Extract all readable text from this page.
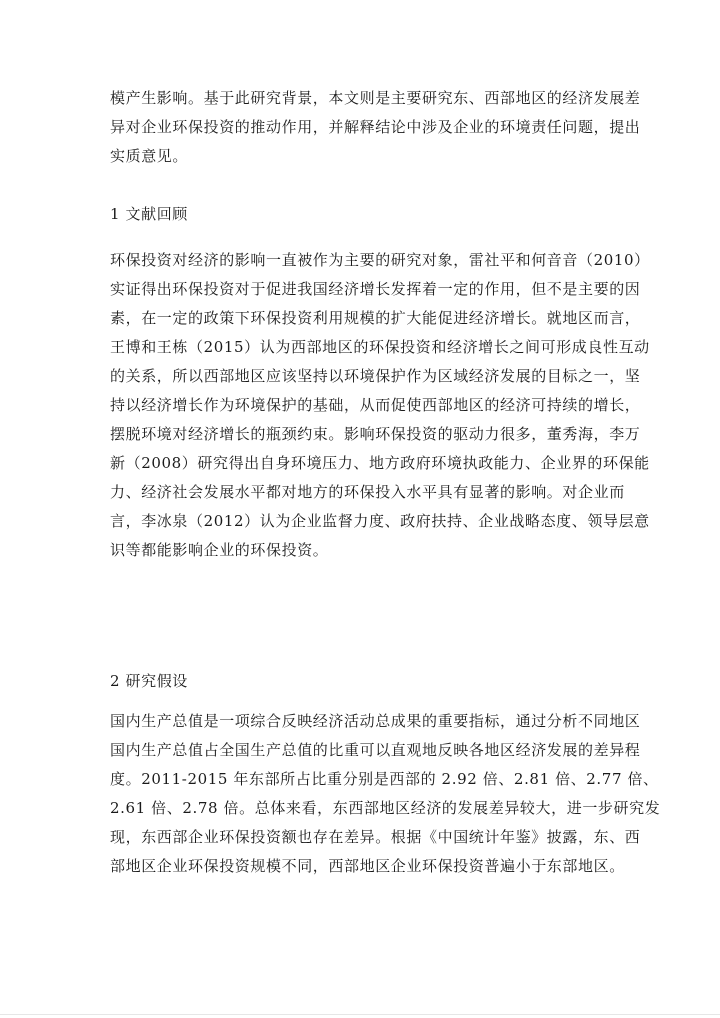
模产生影响。基于此研究背景，本文则是主要研究东、西部地区的经济发展差
异对企业环保投资的推动作用，并解释结论中涉及企业的环境责任问题，提出
实质意见。
1 文献回顾
环保投资对经济的影响一直被作为主要的研究对象，雷社平和何音音（2010）
实证得出环保投资对于促进我国经济增长发挥着一定的作用，但不是主要的因
素，在一定的政策下环保投资利用规模的扩大能促进经济增长。就地区而言，
王博和王栋（2015）认为西部地区的环保投资和经济增长之间可形成良性互动
的关系，所以西部地区应该坚持以环境保护作为区域经济发展的目标之一，坚
持以经济增长作为环境保护的基础，从而促使西部地区的经济可持续的增长，
摆脱环境对经济增长的瓶颈约束。影响环保投资的驱动力很多，董秀海，李万
新（2008）研究得出自身环境压力、地方政府环境执政能力、企业界的环保能
力、经济社会发展水平都对地方的环保投入水平具有显著的影响。对企业而
言，李冰泉（2012）认为企业监督力度、政府扶持、企业战略态度、领导层意
识等都能影响企业的环保投资。
2 研究假设
国内生产总值是一项综合反映经济活动总成果的重要指标，通过分析不同地区
国内生产总值占全国生产总值的比重可以直观地反映各地区经济发展的差异程
度。2011-2015 年东部所占比重分别是西部的 2.92 倍、2.81 倍、2.77 倍、
2.61 倍、2.78 倍。总体来看，东西部地区经济的发展差异较大，进一步研究发
现，东西部企业环保投资额也存在差异。根据《中国统计年鉴》披露，东、西
部地区企业环保投资规模不同，西部地区企业环保投资普遍小于东部地区。
